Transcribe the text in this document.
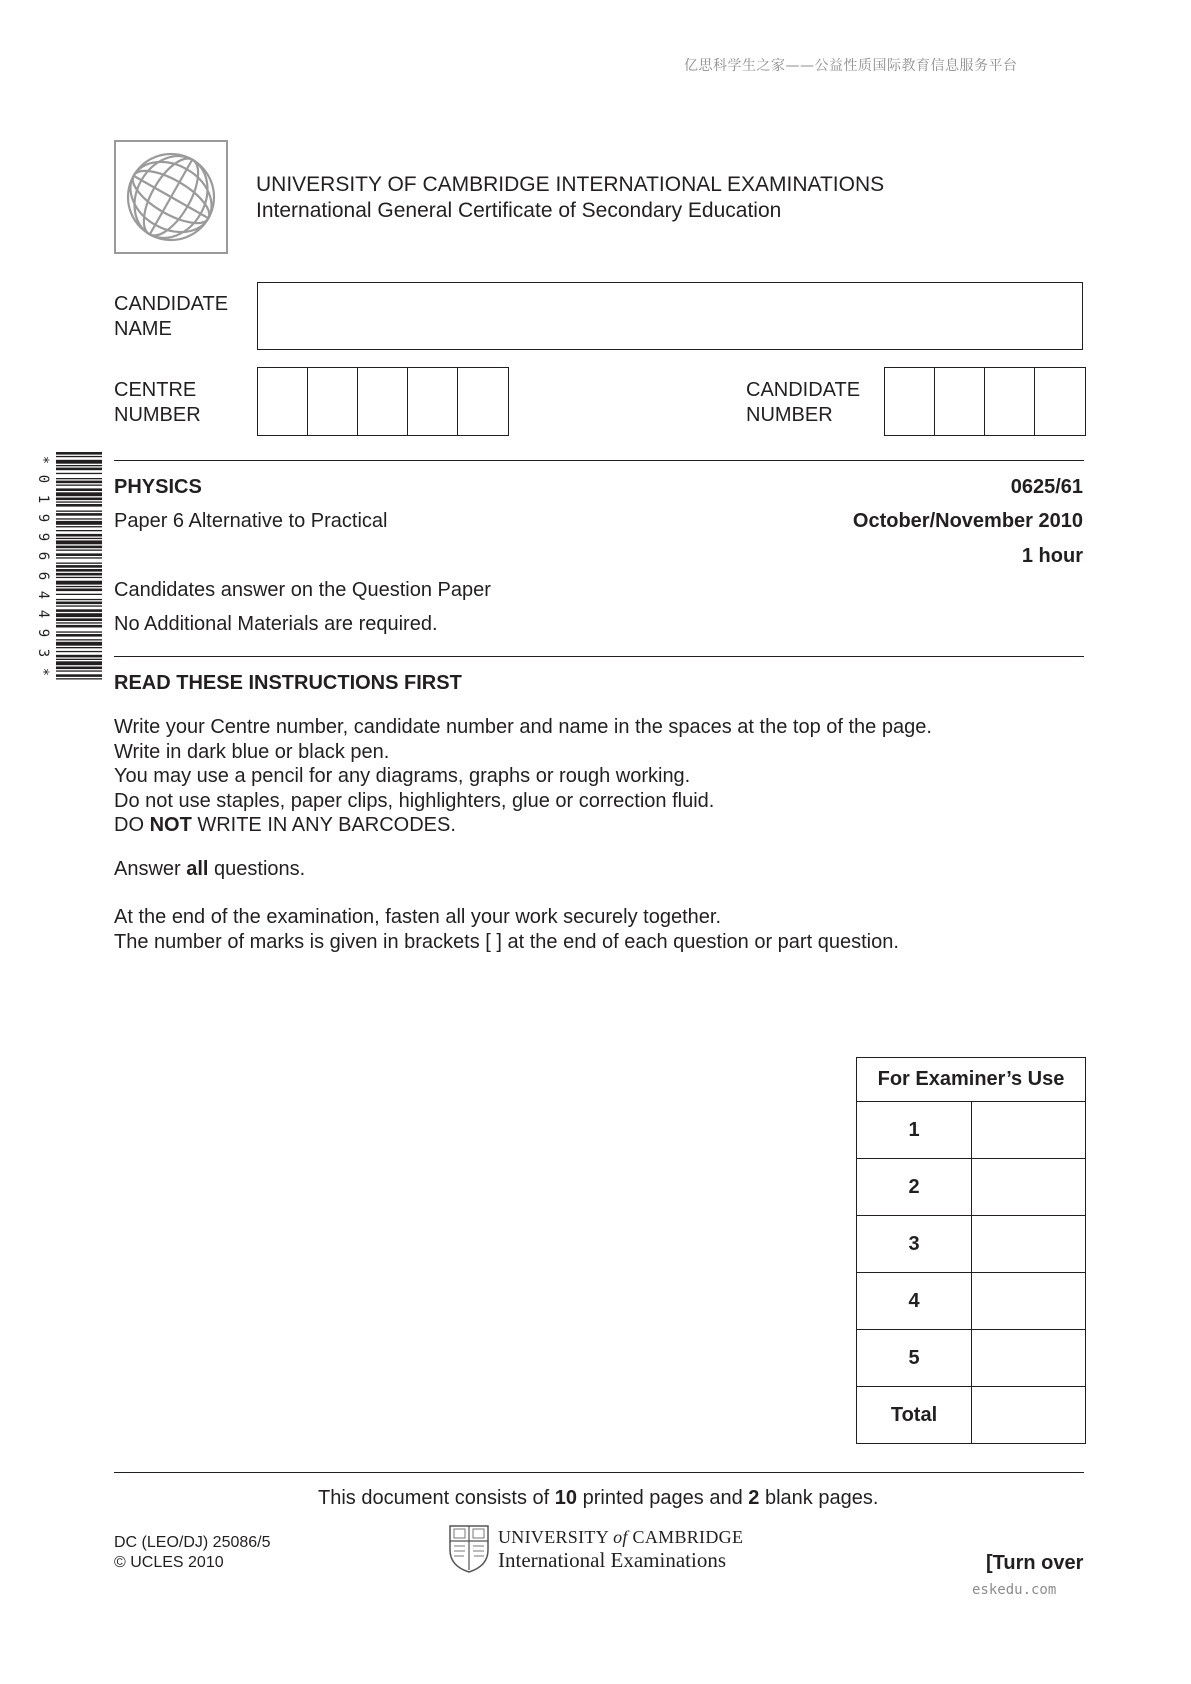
亿思科学生之家——公益性质国际教育信息服务平台
eskedu.com
UNIVERSITY OF CAMBRIDGE INTERNATIONAL EXAMINATIONS
International General Certificate of Secondary Education
CANDIDATE
NAME
CENTRE
NUMBER
CANDIDATE
NUMBER
*
0
1
9
9
6
6
4
4
9
3
*
PHYSICS	0625/61
Paper 6 Alternative to Practical	October/November 2010
1 hour
Candidates answer on the Question Paper
No Additional Materials are required.
READ THESE INSTRUCTIONS FIRST
Write your Centre number, candidate number and name in the spaces at the top of the page.
Write in dark blue or black pen.
You may use a pencil for any diagrams, graphs or rough working.
Do not use staples, paper clips, highlighters, glue or correction fluid.
DO NOT WRITE IN ANY BARCODES.
Answer all questions.
At the end of the examination, fasten all your work securely together.
The number of marks is given in brackets [ ] at the end of each question or part question.
For Examiner’s Use	
1	
2	
3	
4	
5	
Total	
This document consists of 10 printed pages and 2 blank pages.
DC (LEO/DJ) 25086/5
© UCLES 2010
UNIVERSITY of CAMBRIDGE
International Examinations	[Turn over
